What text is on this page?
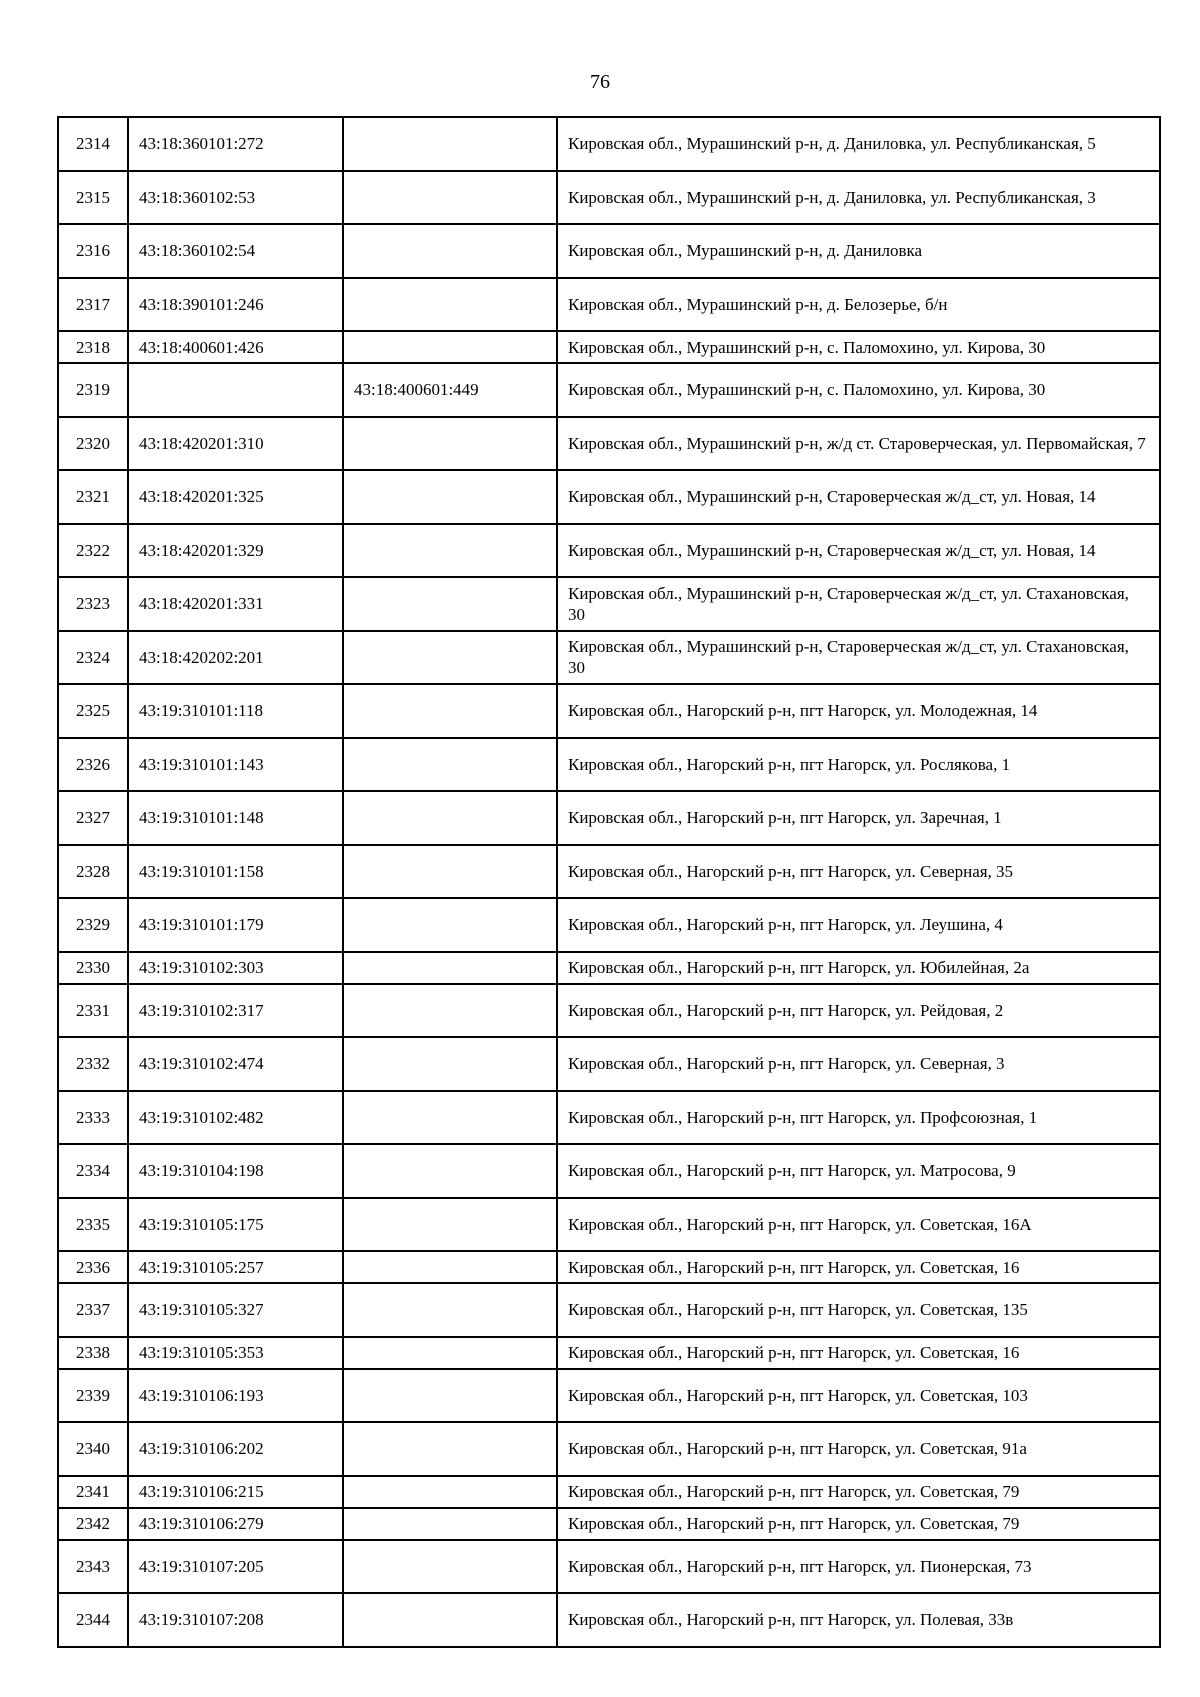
76
2314	43:18:360101:272		Кировская обл., Мурашинский р-н, д. Даниловка, ул. Республиканская, 5
2315	43:18:360102:53		Кировская обл., Мурашинский р-н, д. Даниловка, ул. Республиканская, 3
2316	43:18:360102:54		Кировская обл., Мурашинский р-н, д. Даниловка
2317	43:18:390101:246		Кировская обл., Мурашинский р-н, д. Белозерье, б/н
2318	43:18:400601:426		Кировская обл., Мурашинский р-н, с. Паломохино, ул. Кирова, 30
2319		43:18:400601:449	Кировская обл., Мурашинский р-н, с. Паломохино, ул. Кирова, 30
2320	43:18:420201:310		Кировская обл., Мурашинский р-н, ж/д ст. Староверческая, ул. Первомайская, 7
2321	43:18:420201:325		Кировская обл., Мурашинский р-н, Староверческая ж/д_ст, ул. Новая, 14
2322	43:18:420201:329		Кировская обл., Мурашинский р-н, Староверческая ж/д_ст, ул. Новая, 14
2323	43:18:420201:331		Кировская обл., Мурашинский р-н, Староверческая ж/д_ст, ул. Стахановская, 30
2324	43:18:420202:201		Кировская обл., Мурашинский р-н, Староверческая ж/д_ст, ул. Стахановская, 30
2325	43:19:310101:118		Кировская обл., Нагорский р-н, пгт Нагорск, ул. Молодежная, 14
2326	43:19:310101:143		Кировская обл., Нагорский р-н, пгт Нагорск, ул. Рослякова, 1
2327	43:19:310101:148		Кировская обл., Нагорский р-н, пгт Нагорск, ул. Заречная, 1
2328	43:19:310101:158		Кировская обл., Нагорский р-н, пгт Нагорск, ул. Северная, 35
2329	43:19:310101:179		Кировская обл., Нагорский р-н, пгт Нагорск, ул. Леушина, 4
2330	43:19:310102:303		Кировская обл., Нагорский р-н, пгт Нагорск, ул. Юбилейная, 2а
2331	43:19:310102:317		Кировская обл., Нагорский р-н, пгт Нагорск, ул. Рейдовая, 2
2332	43:19:310102:474		Кировская обл., Нагорский р-н, пгт Нагорск, ул. Северная, 3
2333	43:19:310102:482		Кировская обл., Нагорский р-н, пгт Нагорск, ул. Профсоюзная, 1
2334	43:19:310104:198		Кировская обл., Нагорский р-н, пгт Нагорск, ул. Матросова, 9
2335	43:19:310105:175		Кировская обл., Нагорский р-н, пгт Нагорск, ул. Советская, 16А
2336	43:19:310105:257		Кировская обл., Нагорский р-н, пгт Нагорск, ул. Советская, 16
2337	43:19:310105:327		Кировская обл., Нагорский р-н, пгт Нагорск, ул. Советская, 135
2338	43:19:310105:353		Кировская обл., Нагорский р-н, пгт Нагорск, ул. Советская, 16
2339	43:19:310106:193		Кировская обл., Нагорский р-н, пгт Нагорск, ул. Советская, 103
2340	43:19:310106:202		Кировская обл., Нагорский р-н, пгт Нагорск, ул. Советская, 91а
2341	43:19:310106:215		Кировская обл., Нагорский р-н, пгт Нагорск, ул. Советская, 79
2342	43:19:310106:279		Кировская обл., Нагорский р-н, пгт Нагорск, ул. Советская, 79
2343	43:19:310107:205		Кировская обл., Нагорский р-н, пгт Нагорск, ул. Пионерская, 73
2344	43:19:310107:208		Кировская обл., Нагорский р-н, пгт Нагорск, ул. Полевая, 33в
